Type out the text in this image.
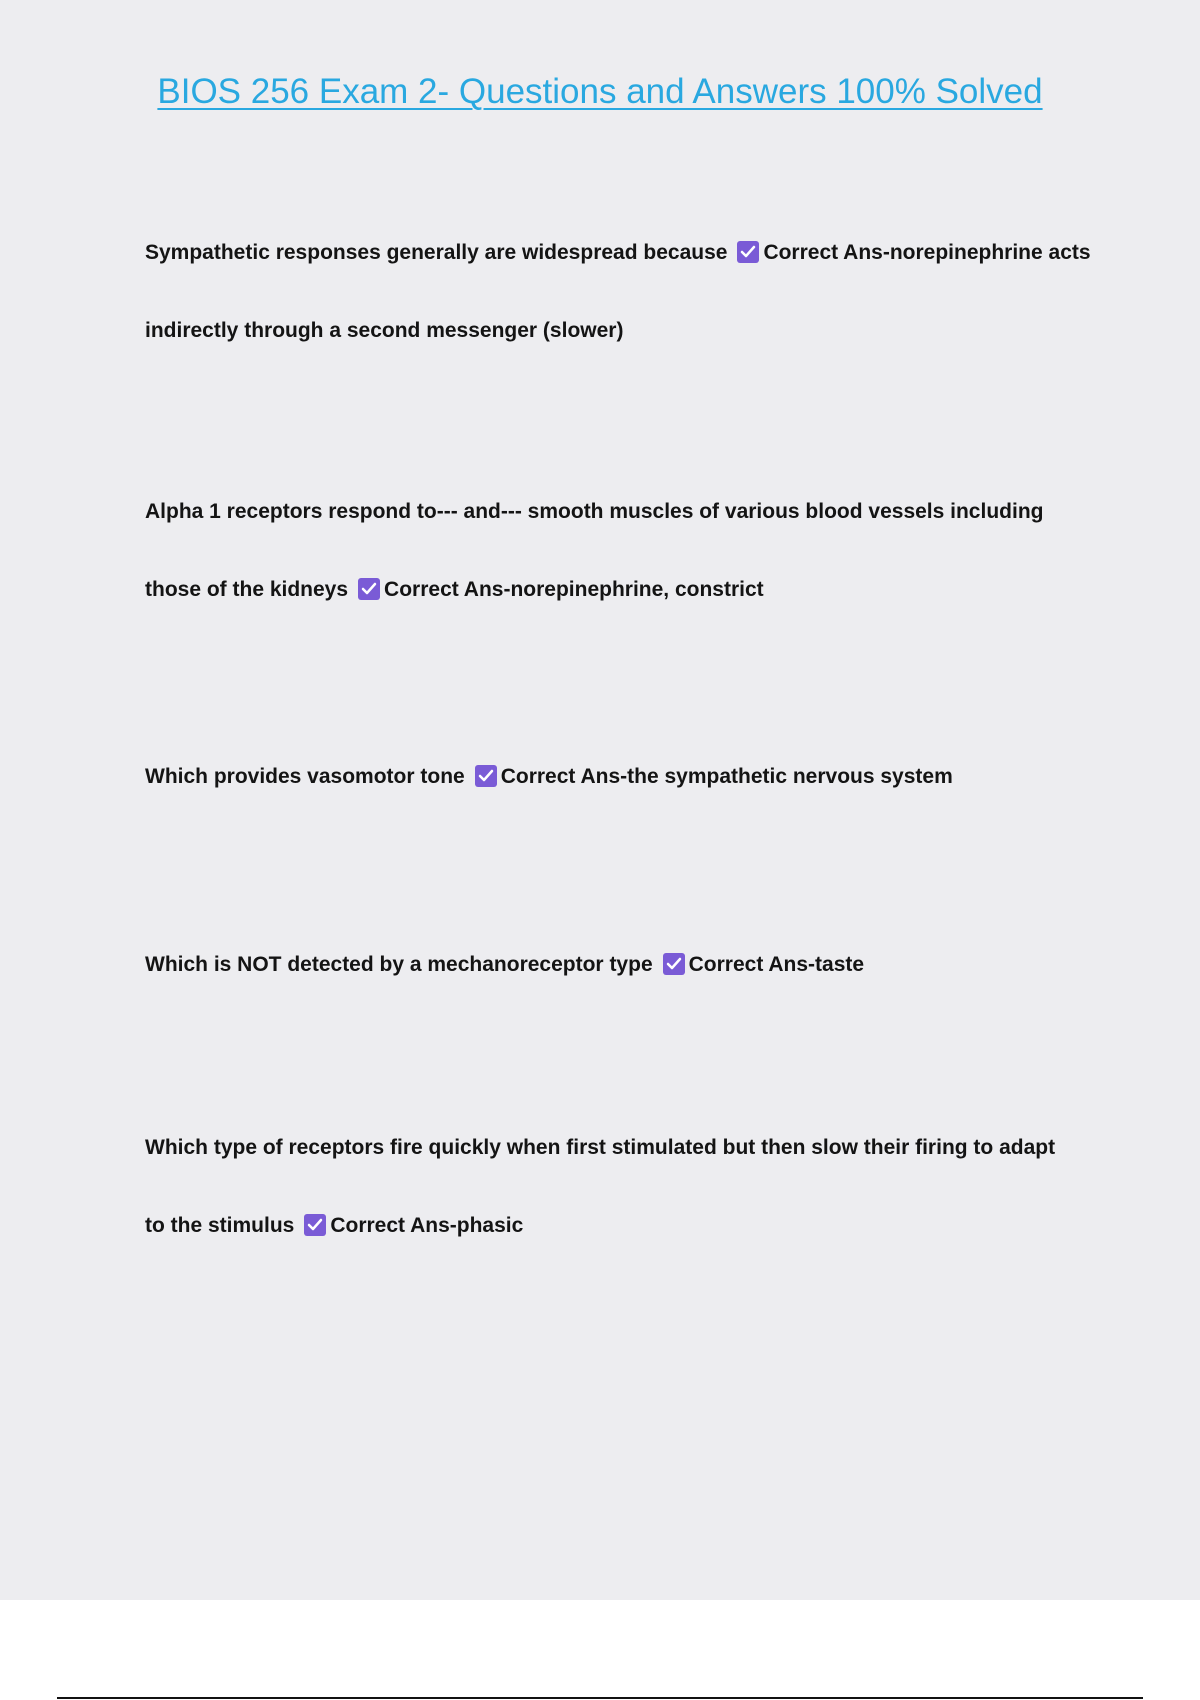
BIOS 256 Exam 2- Questions and Answers 100% Solved
Sympathetic responses generally are widespread because Correct Ans-norepinephrine acts
indirectly through a second messenger (slower)
Alpha 1 receptors respond to--- and--- smooth muscles of various blood vessels including
those of the kidneys Correct Ans-norepinephrine, constrict
Which provides vasomotor tone Correct Ans-the sympathetic nervous system
Which is NOT detected by a mechanoreceptor type Correct Ans-taste
Which type of receptors fire quickly when first stimulated but then slow their firing to adapt
to the stimulus Correct Ans-phasic
